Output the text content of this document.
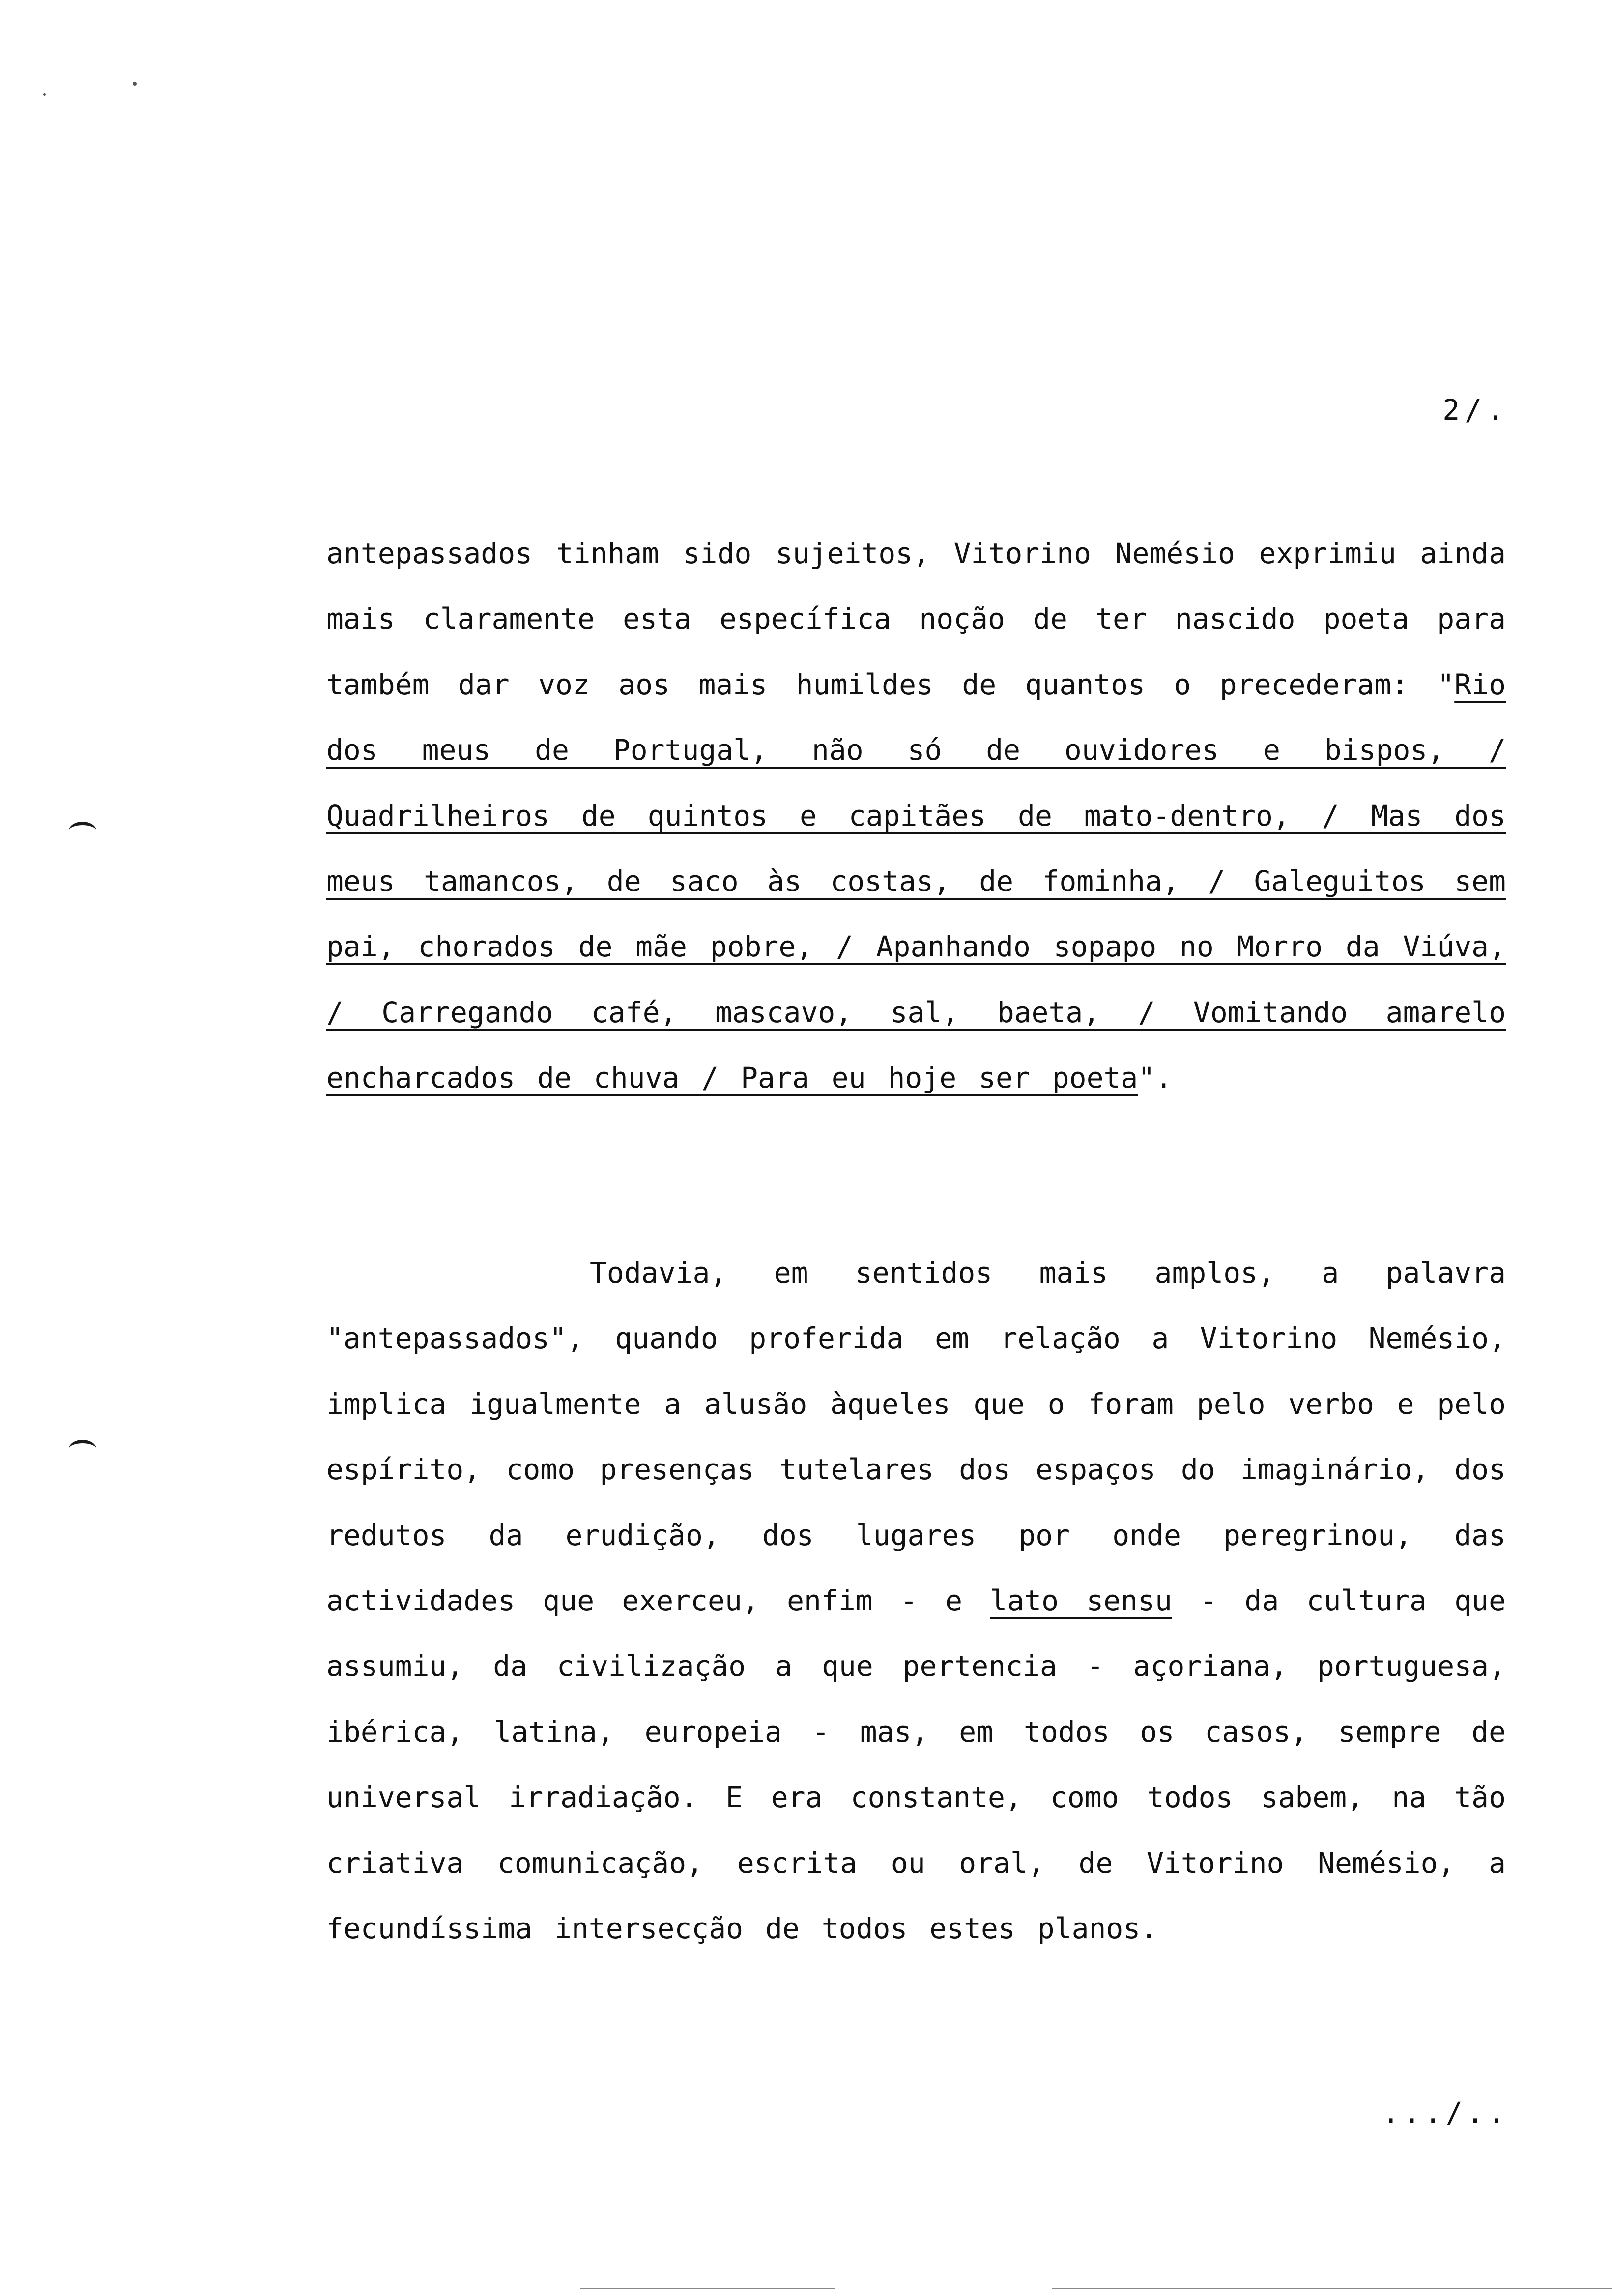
2/.
antepassados tinham sido sujeitos, Vitorino Nemésio exprimiu ainda mais claramente esta específica noção de ter nascido poeta para também dar voz aos mais humildes de quantos o precederam: "Rio dos meus de Portugal, não só de ouvidores e bispos, / Quadrilheiros de quintos e capitães de mato-dentro, / Mas dos meus tamancos, de saco às costas, de fominha, / Galeguitos sem pai, chorados de mãe pobre, / Apanhando sopapo no Morro da Viúva, / Carregando café, mascavo, sal, baeta, / Vomitando amarelo encharcados de chuva / Para eu hoje ser poeta".
Todavia, em sentidos mais amplos, a palavra "antepassados", quando proferida em relação a Vitorino Nemésio, implica igualmente a alusão àqueles que o foram pelo verbo e pelo espírito, como presenças tutelares dos espaços do imaginário, dos redutos da erudição, dos lugares por onde peregrinou, das actividades que exerceu, enfim - e lato sensu - da cultura que assumiu, da civilização a que pertencia - açoriana, portuguesa, ibérica, latina, europeia - mas, em todos os casos, sempre de universal irradiação. E era constante, como todos sabem, na tão criativa comunicação, escrita ou oral, de Vitorino Nemésio, a fecundíssima intersecção de todos estes planos.
.../..
